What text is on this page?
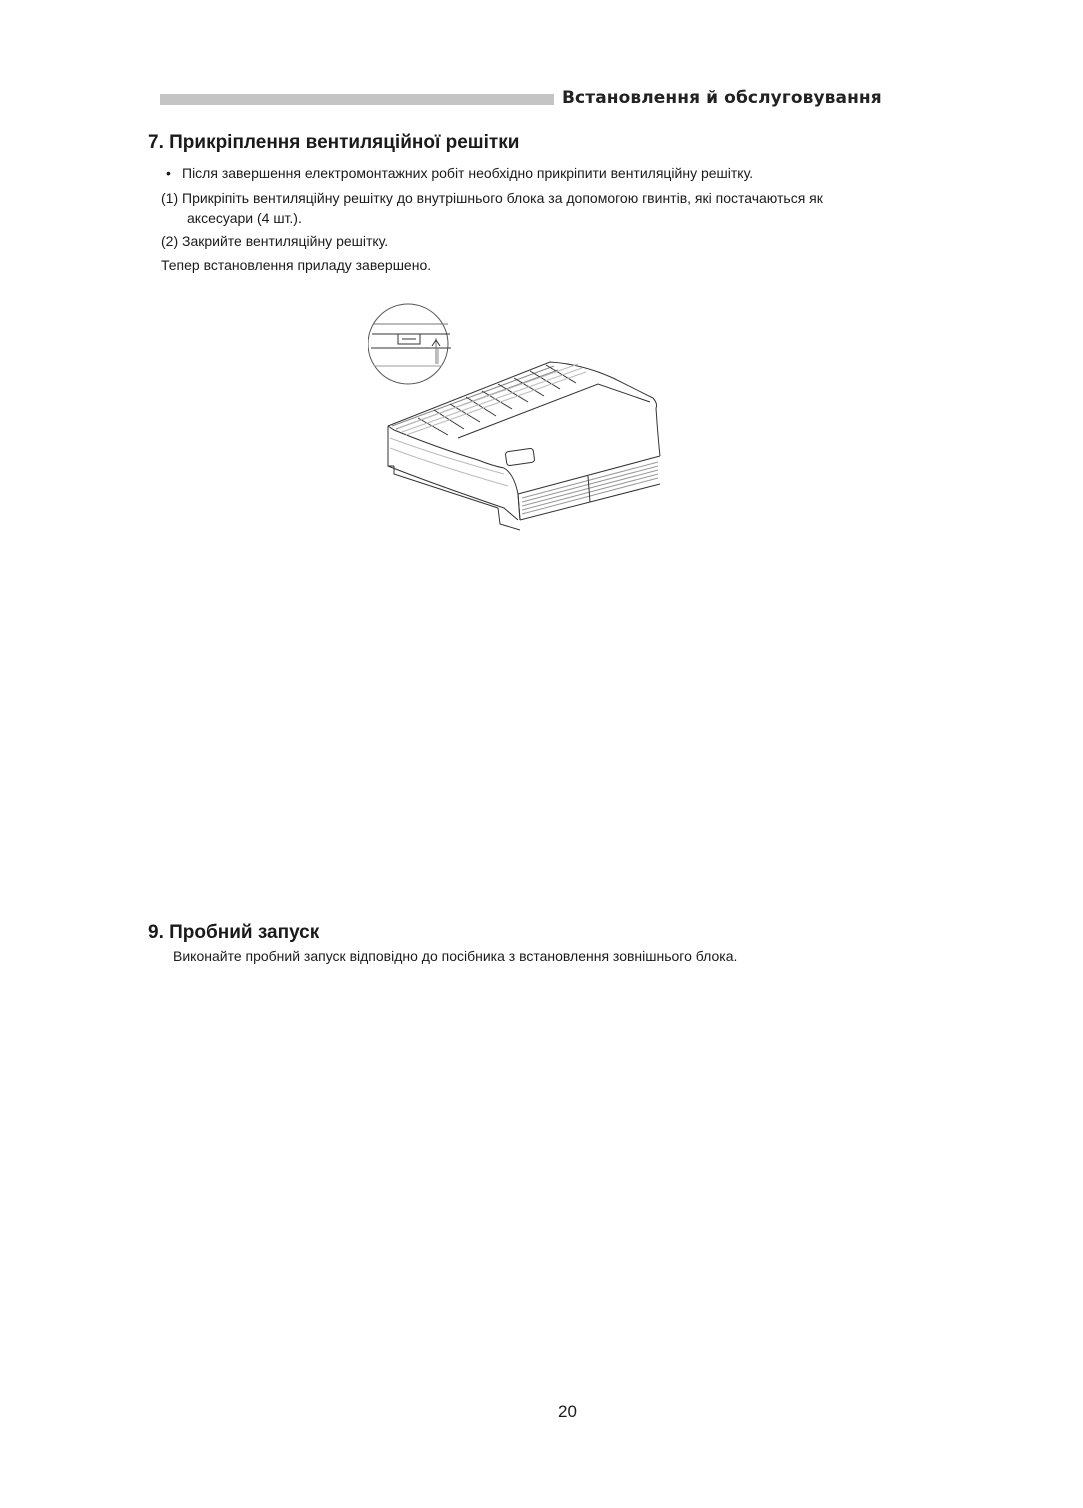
Встановлення й обслуговування
7. Прикріплення вентиляційної решітки
• Після завершення електромонтажних робіт необхідно прикріпити вентиляційну решітку.
(1) Прикріпіть вентиляційну решітку до внутрішнього блока за допомогою гвинтів, які постачаються як
аксесуари (4 шт.).
(2) Закрийте вентиляційну решітку.
Тепер встановлення приладу завершено.
9. Пробний запуск
Виконайте пробний запуск відповідно до посібника з встановлення зовнішнього блока.
20
